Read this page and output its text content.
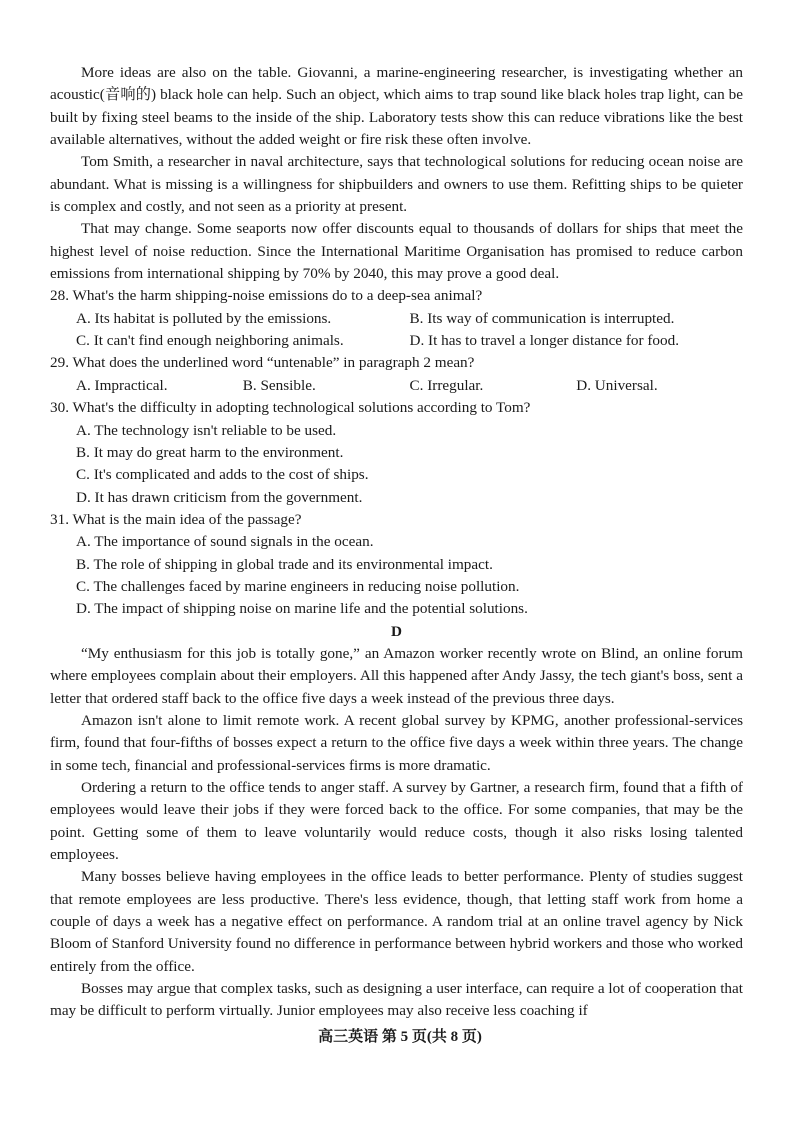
More ideas are also on the table. Giovanni, a marine-engineering researcher, is investigating whether an acoustic(音响的) black hole can help. Such an object, which aims to trap sound like black holes trap light, can be built by fixing steel beams to the inside of the ship. Laboratory tests show this can reduce vibrations like the best available alternatives, without the added weight or fire risk these often involve.

Tom Smith, a researcher in naval architecture, says that technological solutions for reducing ocean noise are abundant. What is missing is a willingness for shipbuilders and owners to use them. Refitting ships to be quieter is complex and costly, and not seen as a priority at present.

That may change. Some seaports now offer discounts equal to thousands of dollars for ships that meet the highest level of noise reduction. Since the International Maritime Organisation has promised to reduce carbon emissions from international shipping by 70% by 2040, this may prove a good deal.

28. What's the harm shipping-noise emissions do to a deep-sea animal?

A. Its habitat is polluted by the emissions.	B. Its way of communication is interrupted.
C. It can't find enough neighboring animals.	D. It has to travel a longer distance for food.

29. What does the underlined word “untenable” in paragraph 2 mean?

A. Impractical.	B. Sensible.	C. Irregular.	D. Universal.

30. What's the difficulty in adopting technological solutions according to Tom?

A. The technology isn't reliable to be used.

B. It may do great harm to the environment.

C. It's complicated and adds to the cost of ships.

D. It has drawn criticism from the government.

31. What is the main idea of the passage?

A. The importance of sound signals in the ocean.

B. The role of shipping in global trade and its environmental impact.

C. The challenges faced by marine engineers in reducing noise pollution.

D. The impact of shipping noise on marine life and the potential solutions.

D

“My enthusiasm for this job is totally gone,” an Amazon worker recently wrote on Blind, an online forum where employees complain about their employers. All this happened after Andy Jassy, the tech giant's boss, sent a letter that ordered staff back to the office five days a week instead of the previous three days.

Amazon isn't alone to limit remote work. A recent global survey by KPMG, another professional-services firm, found that four-fifths of bosses expect a return to the office five days a week within three years. The change in some tech, financial and professional-services firms is more dramatic.

Ordering a return to the office tends to anger staff. A survey by Gartner, a research firm, found that a fifth of employees would leave their jobs if they were forced back to the office. For some companies, that may be the point. Getting some of them to leave voluntarily would reduce costs, though it also risks losing talented employees.

Many bosses believe having employees in the office leads to better performance. Plenty of studies suggest that remote employees are less productive. There's less evidence, though, that letting staff work from home a couple of days a week has a negative effect on performance. A random trial at an online travel agency by Nick Bloom of Stanford University found no difference in performance between hybrid workers and those who worked entirely from the office.

Bosses may argue that complex tasks, such as designing a user interface, can require a lot of cooperation that may be difficult to perform virtually. Junior employees may also receive less coaching if

高三英语 第 5 页(共 8 页)
